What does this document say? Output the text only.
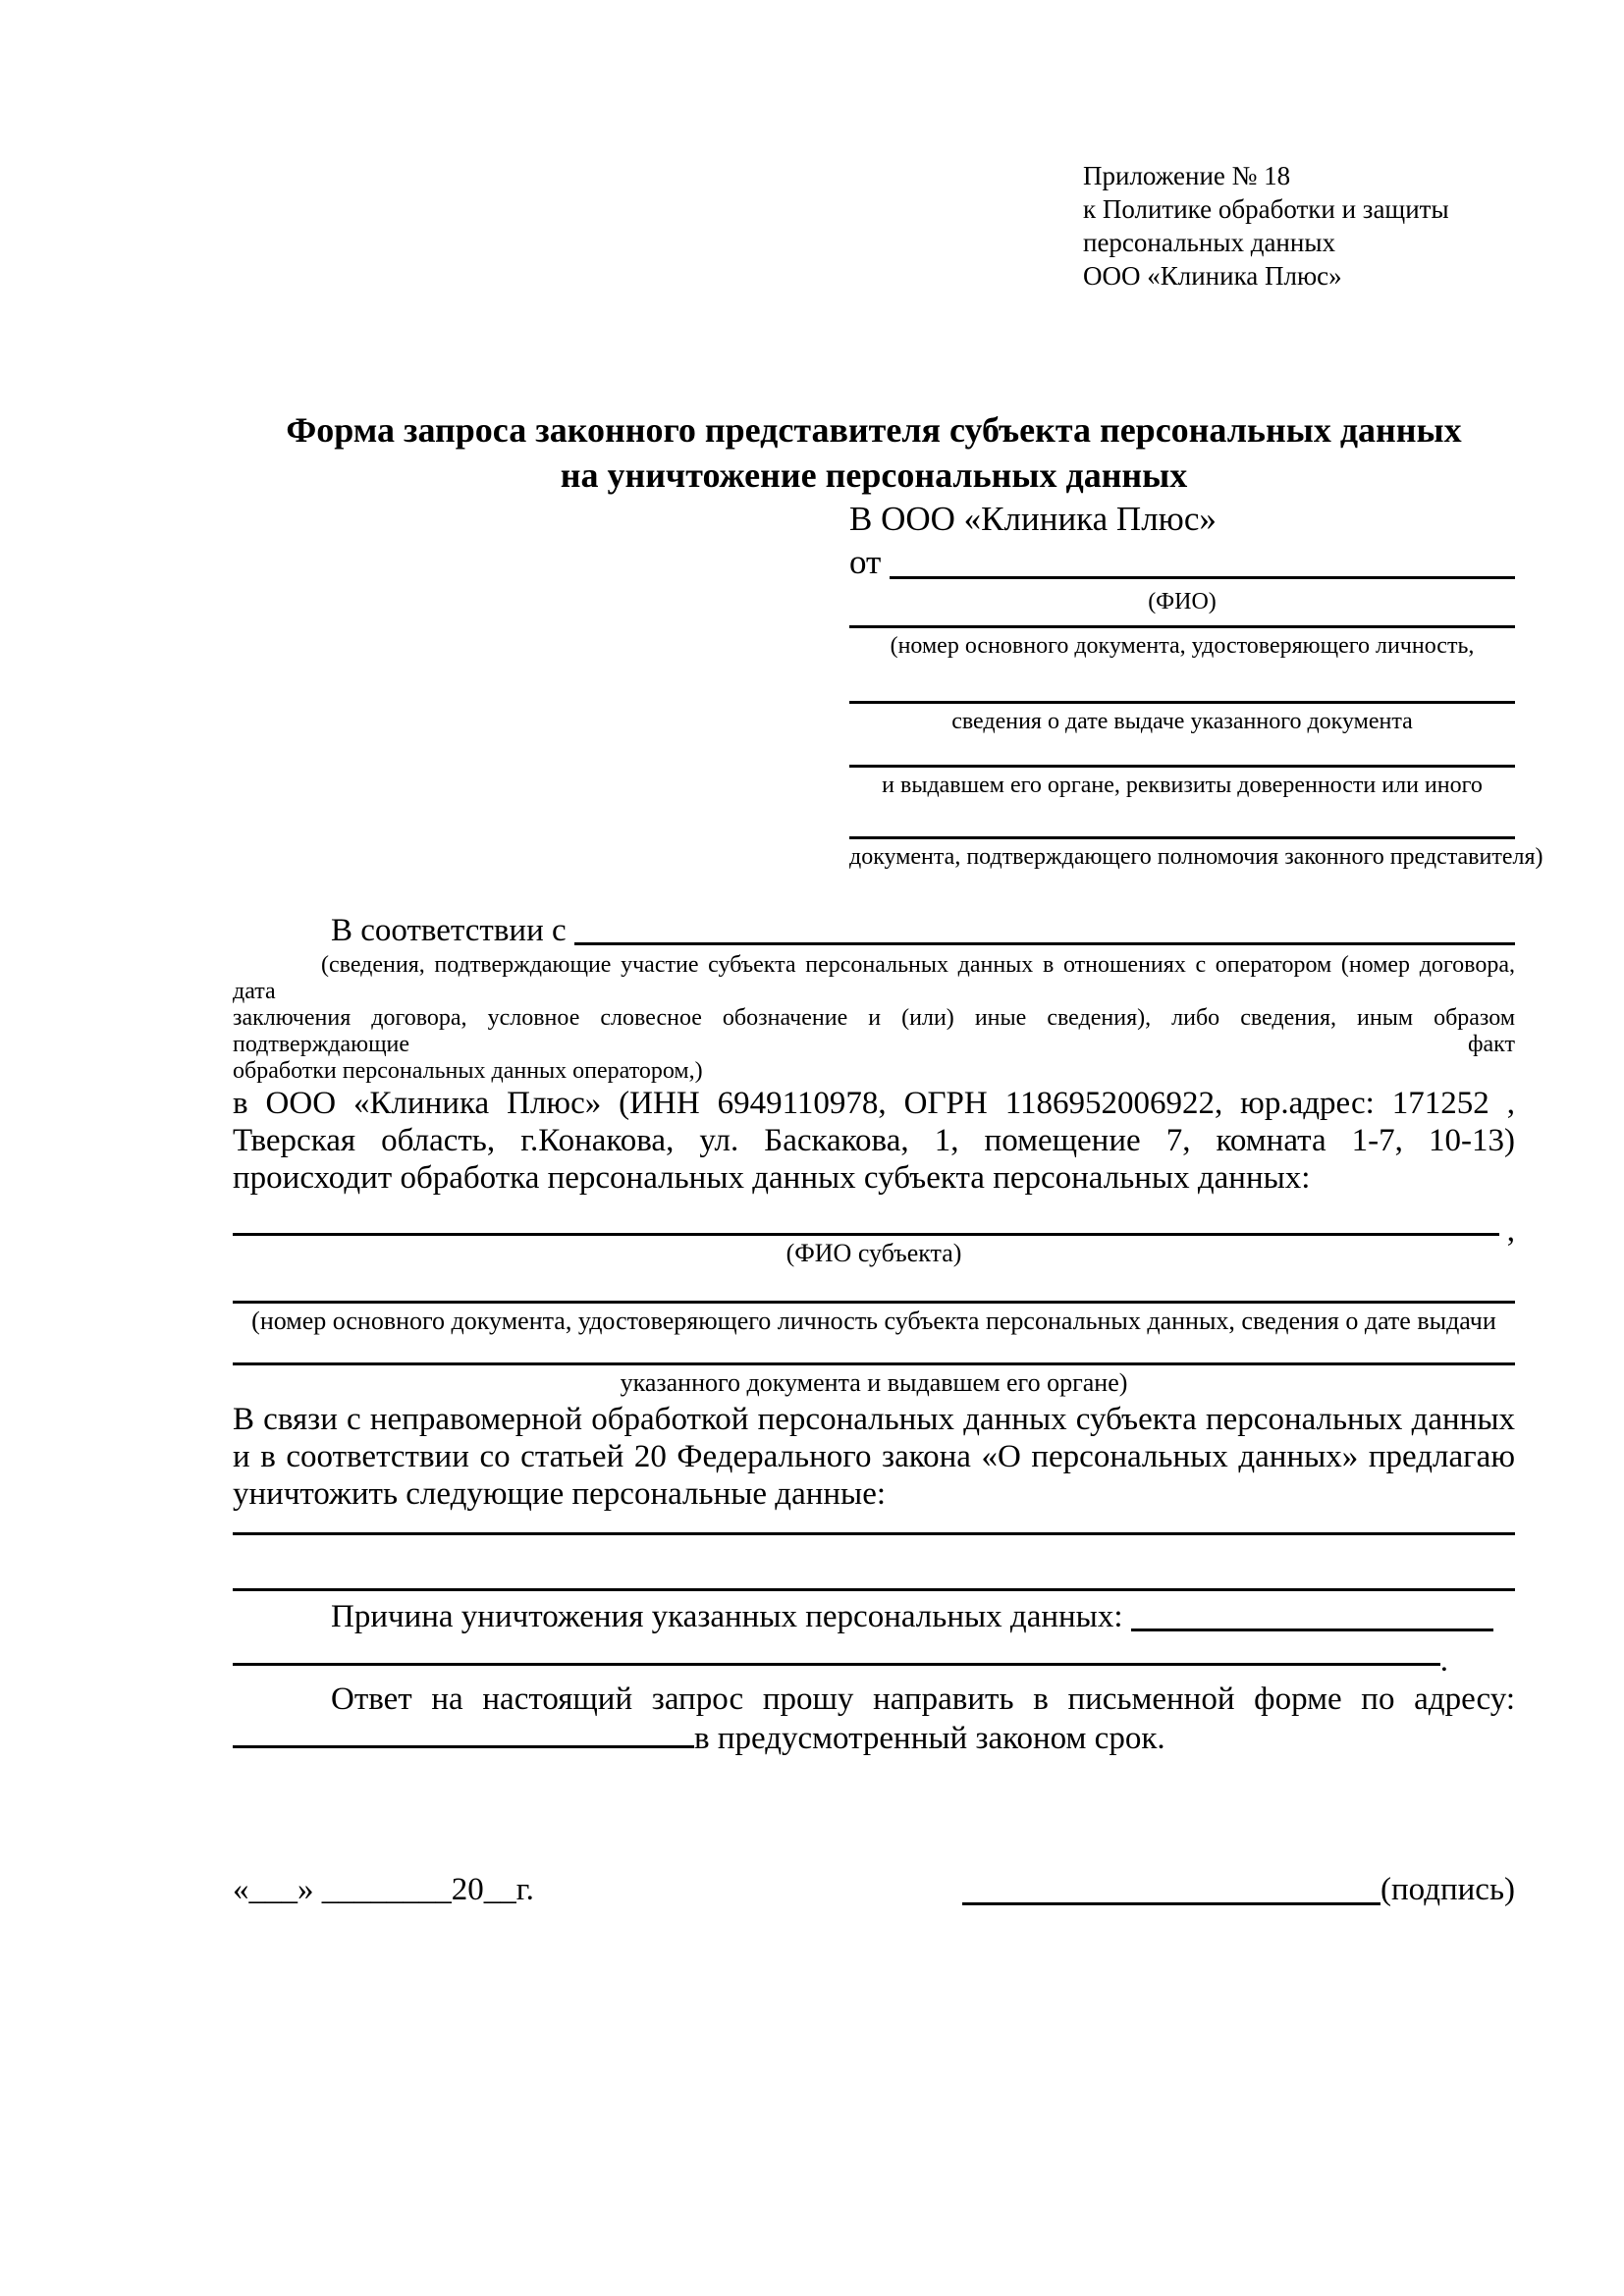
Приложение № 18
к Политике обработки и защиты
персональных данных
ООО «Клиника Плюс»
Форма запроса законного представителя субъекта персональных данных
на уничтожение персональных данных
В ООО «Клиника Плюс»
от
(ФИО)
(номер основного документа, удостоверяющего личность,
сведения о дате выдаче указанного документа
и выдавшем его органе, реквизиты доверенности или иного
документа, подтверждающего полномочия законного представителя)
В соответствии с
(сведения, подтверждающие участие субъекта персональных данных в отношениях с оператором (номер договора, дата
заключения договора, условное словесное обозначение и (или) иные сведения), либо сведения, иным образом подтверждающие факт
обработки персональных данных оператором,)
в ООО «Клиника Плюс» (ИНН 6949110978, ОГРН 1186952006922, юр.адрес: 171252 ,
Тверская область, г.Конакова, ул. Баскакова, 1, помещение 7, комната 1-7, 10-13)
происходит обработка персональных данных субъекта персональных данных:
,
(ФИО субъекта)
(номер основного документа, удостоверяющего личность субъекта персональных данных, сведения о дате выдачи
указанного документа и выдавшем его органе)
В связи с неправомерной обработкой персональных данных субъекта персональных данных
и в соответствии со статьей 20 Федерального закона «О персональных данных» предлагаю
уничтожить следующие персональные данные:
Причина уничтожения указанных персональных данных:
.
Ответ на настоящий запрос прошу направить в письменной форме по адресу: в предусмотренный законом срок.
«___» ________20__г.	(подпись)
